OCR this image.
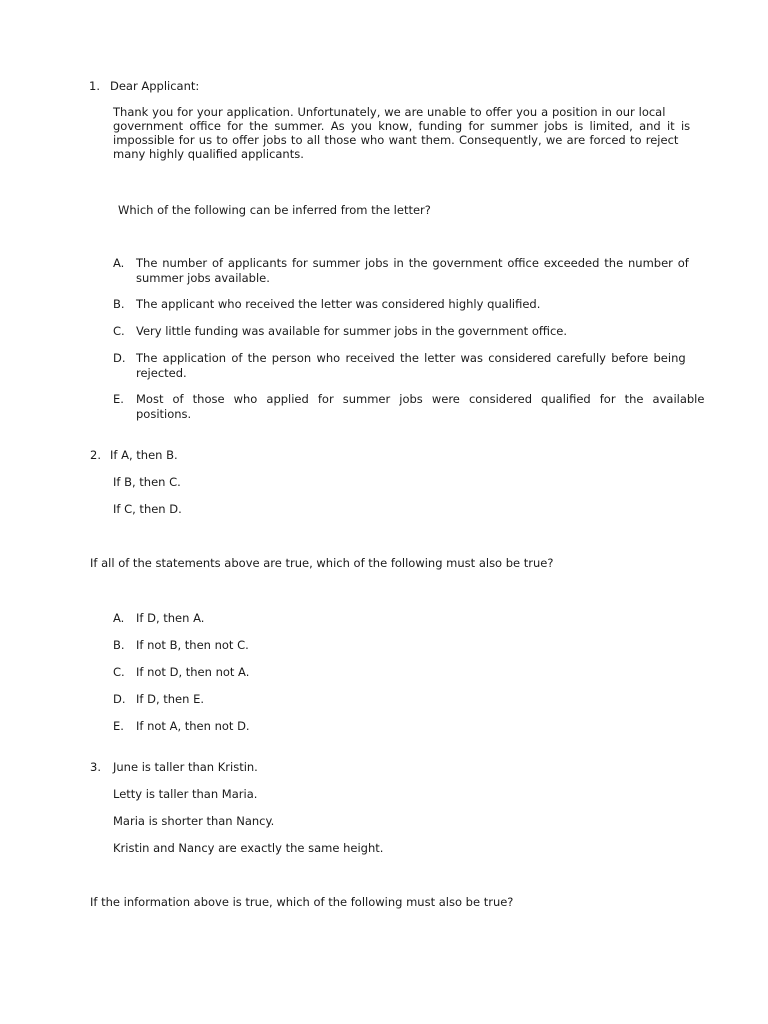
1. Dear Applicant:
Thank you for your application. Unfortunately, we are unable to offer you a position in our local
government office for the summer. As you know, funding for summer jobs is limited, and it is
impossible for us to offer jobs to all those who want them. Consequently, we are forced to reject
many highly qualified applicants.
Which of the following can be inferred from the letter?
A. The number of applicants for summer jobs in the government office exceeded the number of
summer jobs available.
B. The applicant who received the letter was considered highly qualified.
C. Very little funding was available for summer jobs in the government office.
D. The application of the person who received the letter was considered carefully before being
rejected.
E. Most of those who applied for summer jobs were considered qualified for the available
positions.
2. If A, then B.
If B, then C.
If C, then D.
If all of the statements above are true, which of the following must also be true?
A. If D, then A.
B. If not B, then not C.
C. If not D, then not A.
D. If D, then E.
E. If not A, then not D.
3. June is taller than Kristin.
Letty is taller than Maria.
Maria is shorter than Nancy.
Kristin and Nancy are exactly the same height.
If the information above is true, which of the following must also be true?
